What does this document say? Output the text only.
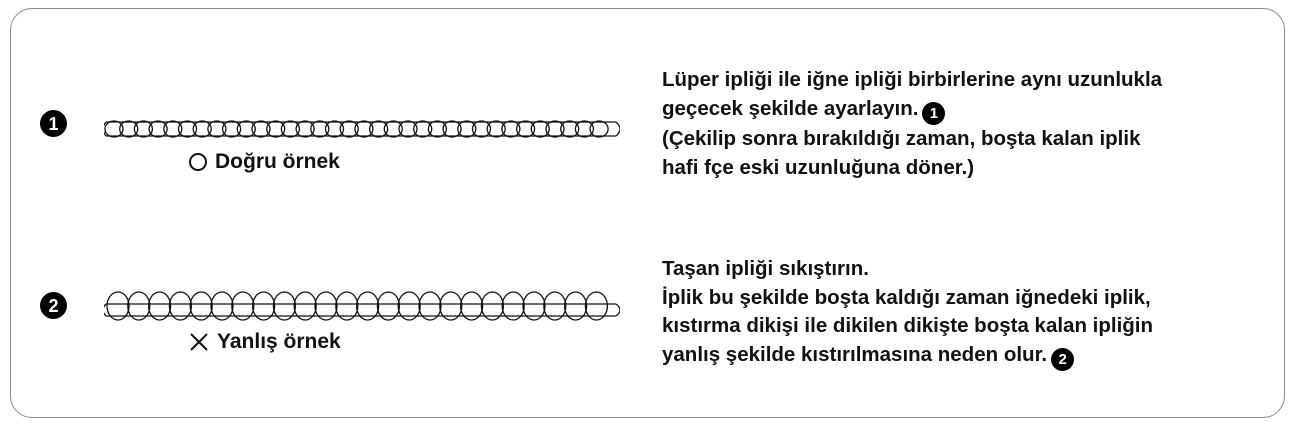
1
Doğru örnek
Lüper ipliği ile iğne ipliği birbirlerine aynı uzunlukla
geçecek şekilde ayarlayın. 1
(Çekilip sonra bırakıldığı zaman, boşta kalan iplik
hafi fçe eski uzunluğuna döner.)
2
Yanlış örnek
Taşan ipliği sıkıştırın.
İplik bu şekilde boşta kaldığı zaman iğnedeki iplik,
kıstırma dikişi ile dikilen dikişte boşta kalan ipliğin
yanlış şekilde kıstırılmasına neden olur. 2
